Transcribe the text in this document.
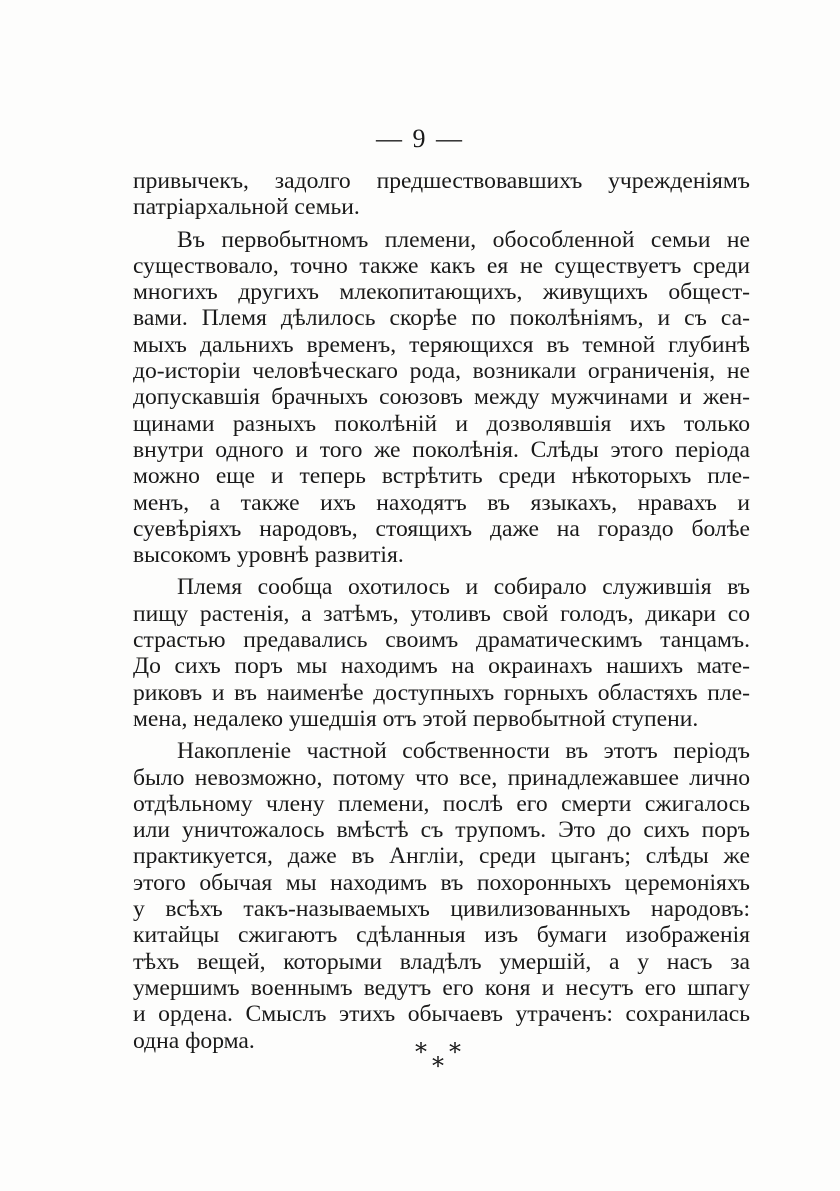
— 9 —
привычекъ, задолго предшествовавшихъ учрежденіямъ
патріархальной семьи.
Въ первобытномъ племени, обособленной семьи не
существовало, точно также какъ ея не существуетъ среди
многихъ другихъ млекопитающихъ, живущихъ общест-
вами. Племя дѣлилось скорѣе по поколѣніямъ, и съ са-
мыхъ дальнихъ временъ, теряющихся въ темной глубинѣ
до-исторіи человѣческаго рода, возникали ограниченія, не
допускавшія брачныхъ союзовъ между мужчинами и жен-
щинами разныхъ поколѣній и дозволявшія ихъ только
внутри одного и того же поколѣнія. Слѣды этого періода
можно еще и теперь встрѣтить среди нѣкоторыхъ пле-
менъ, а также ихъ находятъ въ языкахъ, нравахъ и
суевѣріяхъ народовъ, стоящихъ даже на гораздо болѣе
высокомъ уровнѣ развитія.
Племя сообща охотилось и собирало служившія въ
пищу растенія, а затѣмъ, утоливъ свой голодъ, дикари со
страстью предавались своимъ драматическимъ танцамъ.
До сихъ поръ мы находимъ на окраинахъ нашихъ мате-
риковъ и въ наименѣе доступныхъ горныхъ областяхъ пле-
мена, недалеко ушедшія отъ этой первобытной ступени.
Накопленіе частной собственности въ этотъ періодъ
было невозможно, потому что все, принадлежавшее лично
отдѣльному члену племени, послѣ его смерти сжигалось
или уничтожалось вмѣстѣ съ трупомъ. Это до сихъ поръ
практикуется, даже въ Англіи, среди цыганъ; слѣды же
этого обычая мы находимъ въ похоронныхъ церемоніяхъ
у всѣхъ такъ-называемыхъ цивилизованныхъ народовъ:
китайцы сжигаютъ сдѣланныя изъ бумаги изображенія
тѣхъ вещей, которыми владѣлъ умершій, а у насъ за
умершимъ военнымъ ведутъ его коня и несутъ его шпагу
и ордена. Смыслъ этихъ обычаевъ утраченъ: сохранилась
одна форма.	* *
*
